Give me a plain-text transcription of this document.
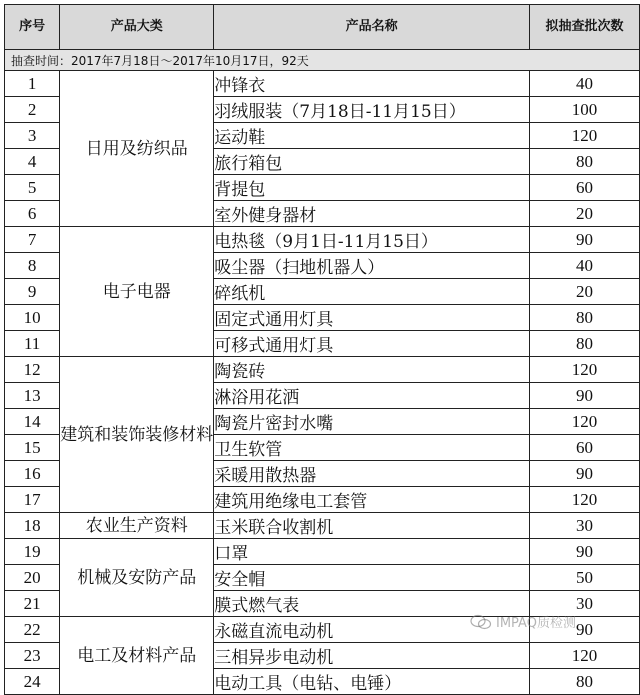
序号	产品大类	产品名称	拟抽查批次数
抽查时间：2017年7月18日～2017年10月17日，92天			
1	日用及纺织品	冲锋衣	40
2		羽绒服装（7月18日-11月15日）	100
3		运动鞋	120
4		旅行箱包	80
5		背提包	60
6		室外健身器材	20
7	电子电器	电热毯（9月1日-11月15日）	90
8		吸尘器（扫地机器人）	40
9		碎纸机	20
10		固定式通用灯具	80
11		可移式通用灯具	80
12	建筑和装饰装修材料	陶瓷砖	120
13		淋浴用花洒	90
14		陶瓷片密封水嘴	120
15		卫生软管	60
16		采暖用散热器	90
17		建筑用绝缘电工套管	120
18	农业生产资料	玉米联合收割机	30
19	机械及安防产品	口罩	90
20		安全帽	50
21		膜式燃气表	30
22	电工及材料产品	永磁直流电动机	90
23		三相异步电动机	120
24		电动工具（电钻、电锤）	80
IMPAQ质检测
